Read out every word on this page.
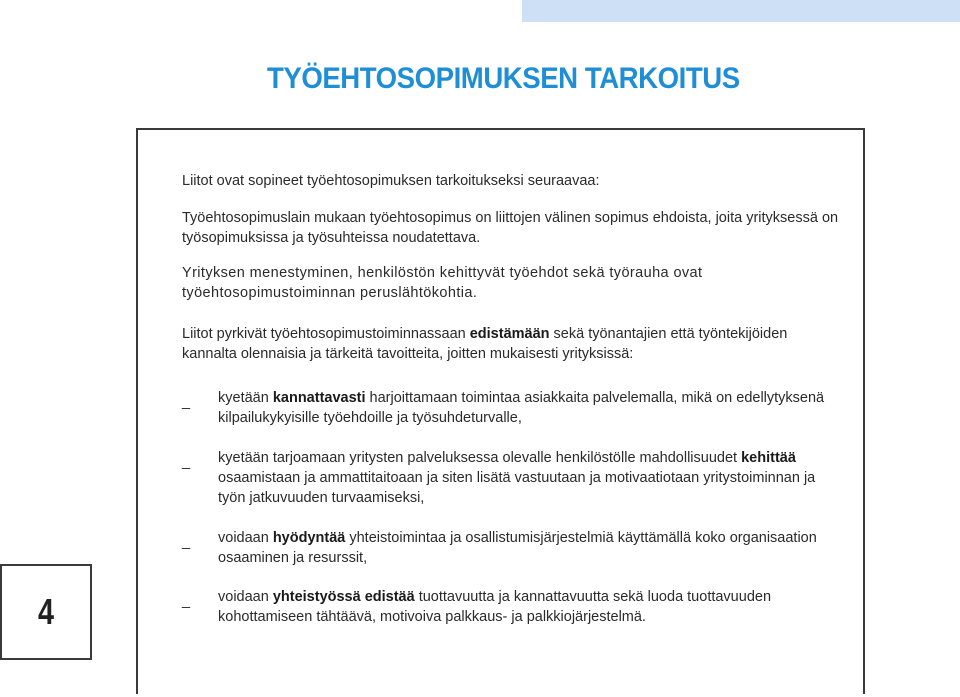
TYÖEHTOSOPIMUKSEN TARKOITUS
4

Liitot ovat sopineet työehtosopimuksen tarkoitukseksi seuraavaa:

Työehtosopimuslain mukaan työehtosopimus on liittojen välinen sopimus ehdoista, joita yrityksessä on työsopimuksissa ja työsuhteissa noudatettava.

Yrityksen menestyminen, henkilöstön kehittyvät työehdot sekä työrauha ovat työehtosopimustoiminnan peruslähtökohtia.

Liitot pyrkivät työehtosopimustoiminnassaan edistämään sekä työnantajien että työntekijöiden kannalta olennaisia ja tärkeitä tavoitteita, joitten mukaisesti yrityksissä:

_ kyetään kannattavasti harjoittamaan toimintaa asiakkaita palvelemalla, mikä on edellytyksenä kilpailukykyisille työehdoille ja työsuhdeturvalle,
_ kyetään tarjoamaan yritysten palveluksessa olevalle henkilöstölle mahdollisuudet kehittää osaamistaan ja ammattitaitoaan ja siten lisätä vastuutaan ja motivaatiotaan yritystoiminnan ja työn jatkuvuuden turvaamiseksi,
_ voidaan hyödyntää yhteistoimintaa ja osallistumisjärjestelmiä käyttämällä koko organisaation osaaminen ja resurssit,
_ voidaan yhteistyössä edistää tuottavuutta ja kannattavuutta sekä luoda tuottavuuden kohottamiseen tähtäävä, motivoiva palkkaus- ja palkkiojärjestelmä.
